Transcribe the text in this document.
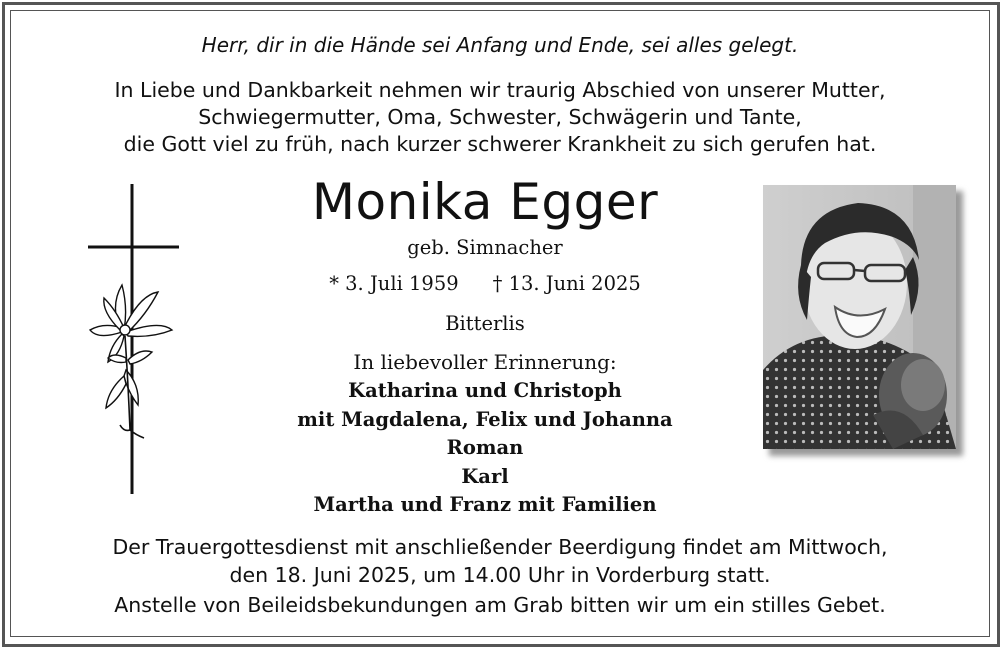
Herr, dir in die Hände sei Anfang und Ende, sei alles gelegt.
In Liebe und Dankbarkeit nehmen wir traurig Abschied von unserer Mutter,
Schwiegermutter, Oma, Schwester, Schwägerin und Tante,
die Gott viel zu früh, nach kurzer schwerer Krankheit zu sich gerufen hat.
Monika Egger
geb. Simnacher
* 3. Juli 1959 † 13. Juni 2025
Bitterlis
In liebevoller Erinnerung:
Katharina und Christoph
mit Magdalena, Felix und Johanna
Roman
Karl
Martha und Franz mit Familien
Der Trauergottesdienst mit anschließender Beerdigung findet am Mittwoch,
den 18. Juni 2025, um 14.00 Uhr in Vorderburg statt.
Anstelle von Beileidsbekundungen am Grab bitten wir um ein stilles Gebet.
